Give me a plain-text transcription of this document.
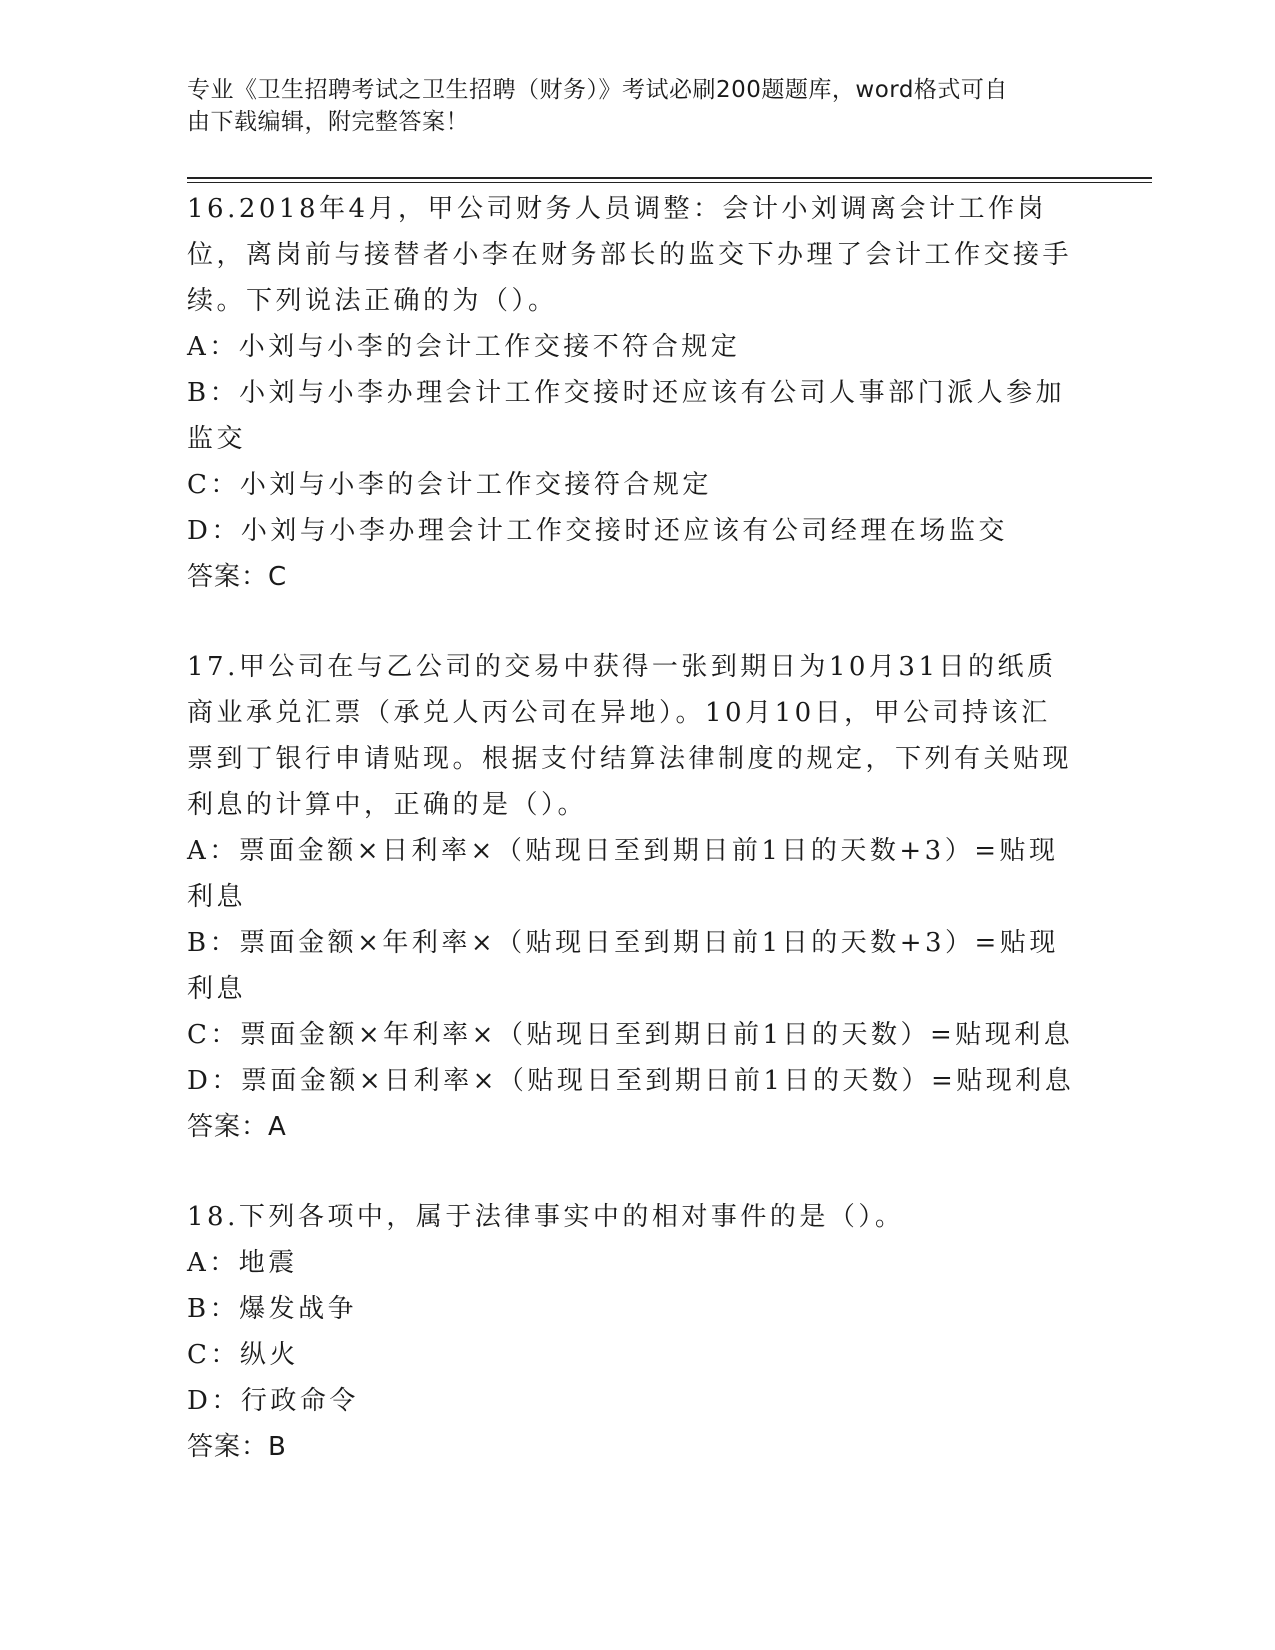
专业《卫生招聘考试之卫生招聘（财务）》考试必刷200题题库，word格式可自
由下载编辑，附完整答案！
16.2018年4月，甲公司财务人员调整：会计小刘调离会计工作岗位，离岗前与接替者小李在财务部长的监交下办理了会计工作交接手续。下列说法正确的为（）。
A：小刘与小李的会计工作交接不符合规定
B：小刘与小李办理会计工作交接时还应该有公司人事部门派人参加监交
C：小刘与小李的会计工作交接符合规定
D：小刘与小李办理会计工作交接时还应该有公司经理在场监交
答案：C
17.甲公司在与乙公司的交易中获得一张到期日为10月31日的纸质商业承兑汇票（承兑人丙公司在异地）。10月10日，甲公司持该汇票到丁银行申请贴现。根据支付结算法律制度的规定，下列有关贴现利息的计算中，正确的是（）。
A：票面金额×日利率×（贴现日至到期日前1日的天数+3）=贴现利息
B：票面金额×年利率×（贴现日至到期日前1日的天数+3）=贴现利息
C：票面金额×年利率×（贴现日至到期日前1日的天数）=贴现利息
D：票面金额×日利率×（贴现日至到期日前1日的天数）=贴现利息
答案：A
18.下列各项中，属于法律事实中的相对事件的是（）。
A：地震
B：爆发战争
C：纵火
D：行政命令
答案：B
